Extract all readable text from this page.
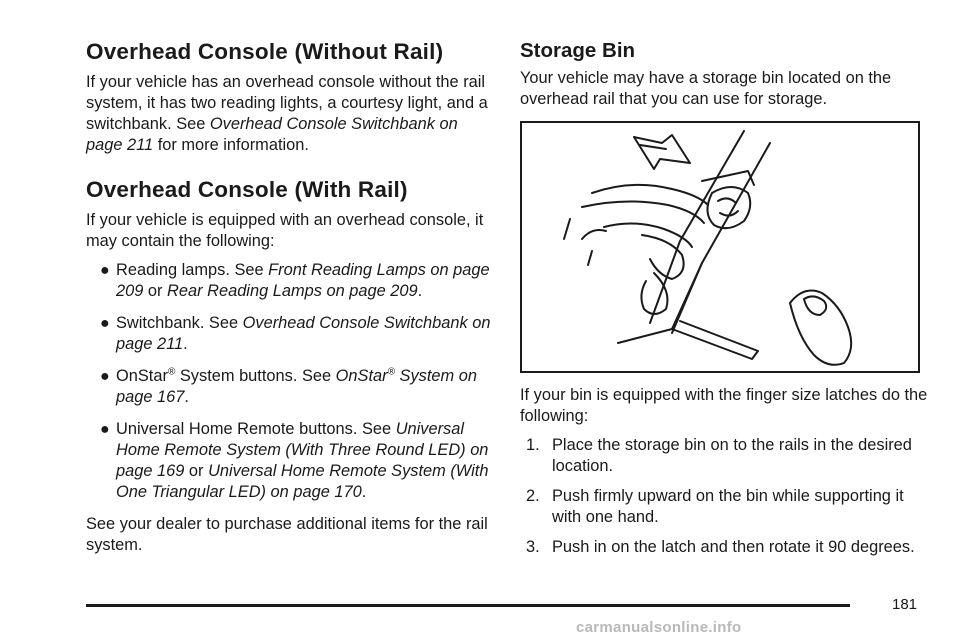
Overhead Console (Without Rail)

If your vehicle has an overhead console without the rail system, it has two reading lights, a courtesy light, and a switchbank. See Overhead Console Switchbank on page 211 for more information.

Overhead Console (With Rail)

If your vehicle is equipped with an overhead console, it may contain the following:

● Reading lamps. See Front Reading Lamps on page 209 or Rear Reading Lamps on page 209.
● Switchbank. See Overhead Console Switchbank on page 211.
● OnStar® System buttons. See OnStar® System on page 167.
● Universal Home Remote buttons. See Universal Home Remote System (With Three Round LED) on page 169 or Universal Home Remote System (With One Triangular LED) on page 170.

See your dealer to purchase additional items for the rail system.

Storage Bin

Your vehicle may have a storage bin located on the overhead rail that you can use for storage.

If your bin is equipped with the finger size latches do the following:

1. Place the storage bin on to the rails in the desired location.
2. Push firmly upward on the bin while supporting it with one hand.
3. Push in on the latch and then rotate it 90 degrees.
181
carmanualsonline.info
